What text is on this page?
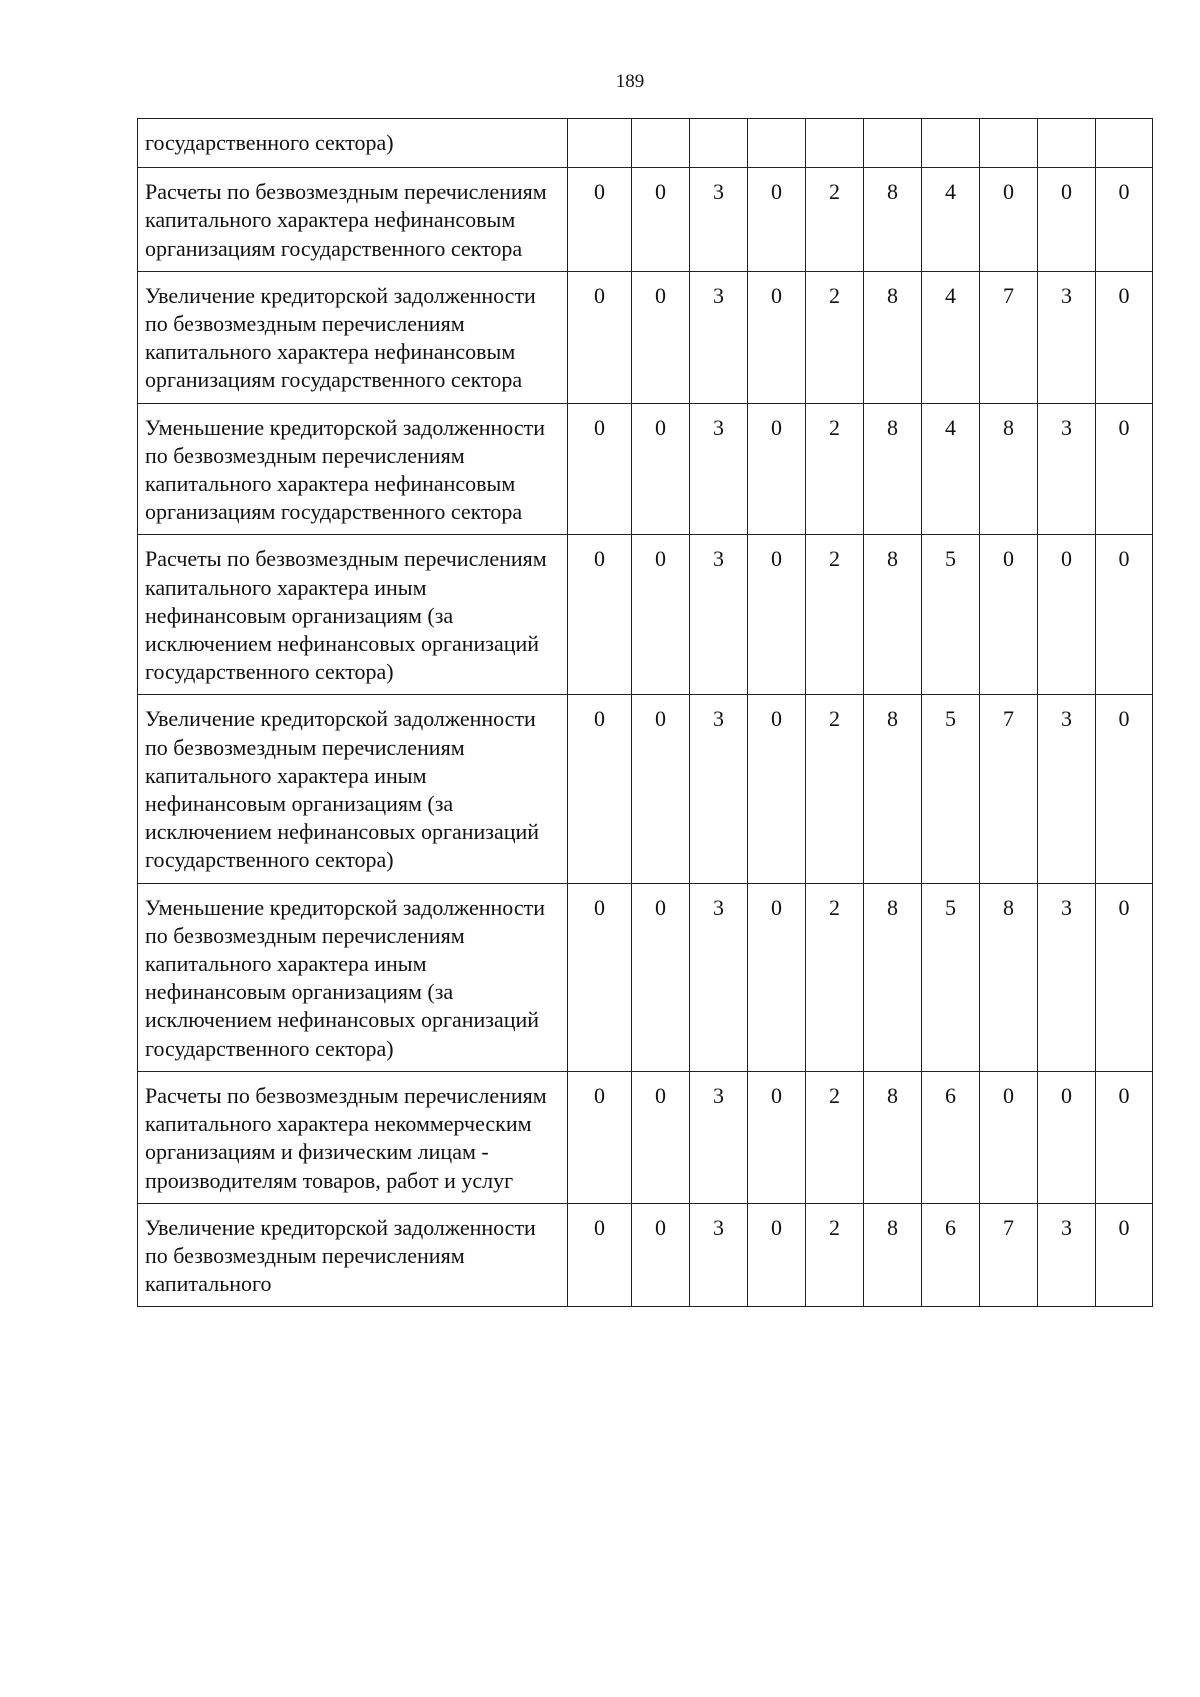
189
государственного сектора)										
Расчеты по безвозмездным перечислениям капитального характера нефинансовым организациям государственного сектора	0	0	3	0	2	8	4	0	0	0
Увеличение кредиторской задолженности по безвозмездным перечислениям капитального характера нефинансовым организациям государственного сектора	0	0	3	0	2	8	4	7	3	0
Уменьшение кредиторской задолженности по безвозмездным перечислениям капитального характера нефинансовым организациям государственного сектора	0	0	3	0	2	8	4	8	3	0
Расчеты по безвозмездным перечислениям капитального характера иным нефинансовым организациям (за исключением нефинансовых организаций государственного сектора)	0	0	3	0	2	8	5	0	0	0
Увеличение кредиторской задолженности по безвозмездным перечислениям капитального характера иным нефинансовым организациям (за исключением нефинансовых организаций государственного сектора)	0	0	3	0	2	8	5	7	3	0
Уменьшение кредиторской задолженности по безвозмездным перечислениям капитального характера иным нефинансовым организациям (за исключением нефинансовых организаций государственного сектора)	0	0	3	0	2	8	5	8	3	0
Расчеты по безвозмездным перечислениям капитального характера некоммерческим организациям и физическим лицам - производителям товаров, работ и услуг	0	0	3	0	2	8	6	0	0	0
Увеличение кредиторской задолженности по безвозмездным перечислениям капитального	0	0	3	0	2	8	6	7	3	0
